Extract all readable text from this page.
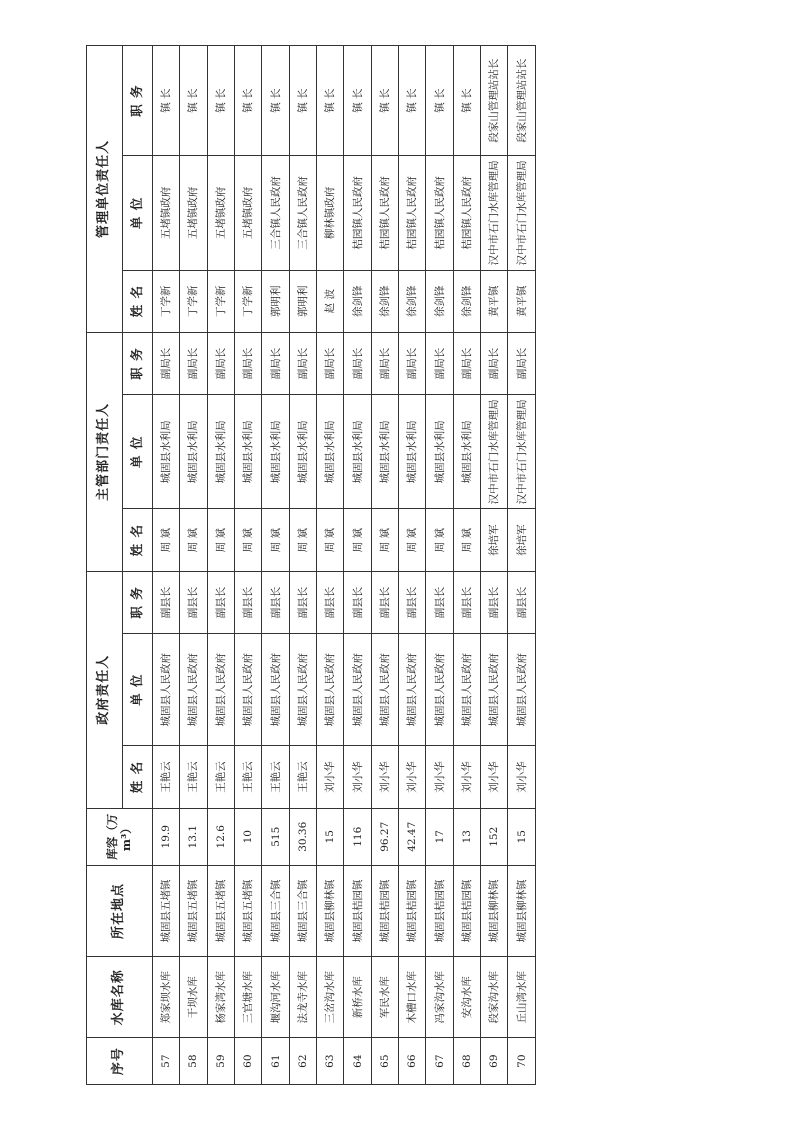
序号	水库名称	所在地点	库容（万m³）	政府责任人			主管部门责任人			管理单位责任人		
				姓 名	单 位	职 务	姓 名	单 位	职 务	姓 名	单 位	职 务
57	郑家坝水库	城固县五堵镇	19.9	王艳云	城固县人民政府	副县长	周 斌	城固县水利局	副局长	丁学新	五堵镇政府	镇 长
58	干坝水库	城固县五堵镇	13.1	王艳云	城固县人民政府	副县长	周 斌	城固县水利局	副局长	丁学新	五堵镇政府	镇 长
59	杨家湾水库	城固县五堵镇	12.6	王艳云	城固县人民政府	副县长	周 斌	城固县水利局	副局长	丁学新	五堵镇政府	镇 长
60	三官塘水库	城固县五堵镇	10	王艳云	城固县人民政府	副县长	周 斌	城固县水利局	副局长	丁学新	五堵镇政府	镇 长
61	堰沟河水库	城固县三合镇	515	王艳云	城固县人民政府	副县长	周 斌	城固县水利局	副局长	郭明利	三合镇人民政府	镇 长
62	法龙寺水库	城固县三合镇	30.36	王艳云	城固县人民政府	副县长	周 斌	城固县水利局	副局长	郭明利	三合镇人民政府	镇 长
63	三岔沟水库	城固县柳林镇	15	刘小华	城固县人民政府	副县长	周 斌	城固县水利局	副局长	赵 波	柳林镇政府	镇 长
64	新桥水库	城固县桔园镇	116	刘小华	城固县人民政府	副县长	周 斌	城固县水利局	副局长	徐剑锋	桔园镇人民政府	镇 长
65	军民水库	城固县桔园镇	96.27	刘小华	城固县人民政府	副县长	周 斌	城固县水利局	副局长	徐剑锋	桔园镇人民政府	镇 长
66	木槽口水库	城固县桔园镇	42.47	刘小华	城固县人民政府	副县长	周 斌	城固县水利局	副局长	徐剑锋	桔园镇人民政府	镇 长
67	冯家沟水库	城固县桔园镇	17	刘小华	城固县人民政府	副县长	周 斌	城固县水利局	副局长	徐剑锋	桔园镇人民政府	镇 长
68	安沟水库	城固县桔园镇	13	刘小华	城固县人民政府	副县长	周 斌	城固县水利局	副局长	徐剑锋	桔园镇人民政府	镇 长
69	段家沟水库	城固县柳林镇	152	刘小华	城固县人民政府	副县长	徐培军	汉中市石门水库管理局	副局长	黄平镇	汉中市石门水库管理局	段家山管理站站长
70	丘山湾水库	城固县柳林镇	15	刘小华	城固县人民政府	副县长	徐培军	汉中市石门水库管理局	副局长	黄平镇	汉中市石门水库管理局	段家山管理站站长
